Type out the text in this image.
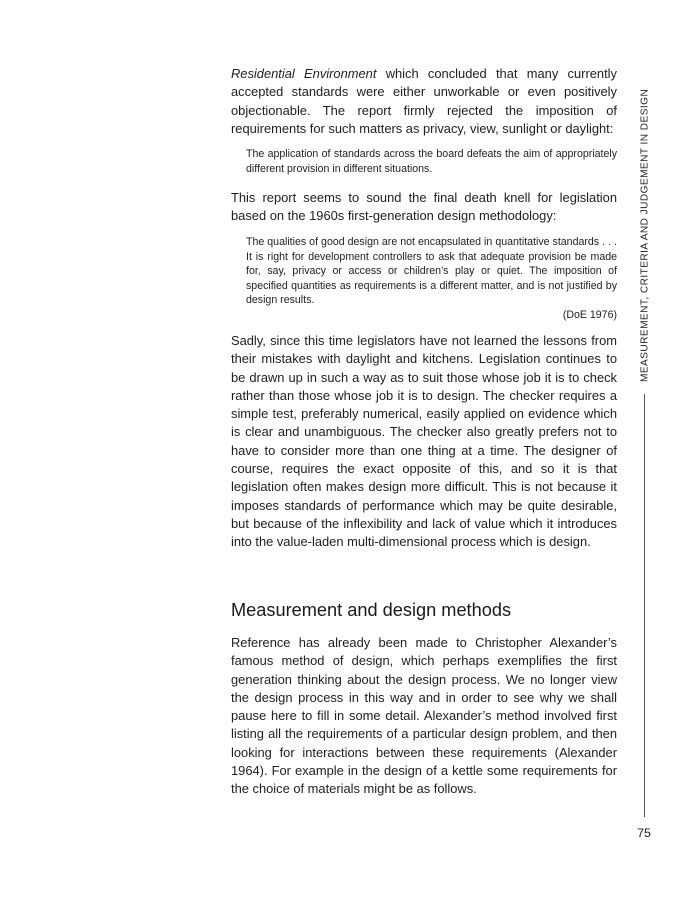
MEASUREMENT, CRITERIA AND JUDGEMENT IN DESIGN

Residential Environment which concluded that many currently accepted standards were either unworkable or even positively objectionable. The report firmly rejected the imposition of requirements for such matters as privacy, view, sunlight or daylight:

The application of standards across the board defeats the aim of appropriately different provision in different situations.

This report seems to sound the final death knell for legislation based on the 1960s first-generation design methodology:

The qualities of good design are not encapsulated in quantitative standards . . . It is right for development controllers to ask that adequate provision be made for, say, privacy or access or children’s play or quiet. The imposition of specified quantities as requirements is a different matter, and is not justified by design results.

(DoE 1976)

Sadly, since this time legislators have not learned the lessons from their mistakes with daylight and kitchens. Legislation continues to be drawn up in such a way as to suit those whose job it is to check rather than those whose job it is to design. The checker requires a simple test, preferably numerical, easily applied on evidence which is clear and unambiguous. The checker also greatly prefers not to have to consider more than one thing at a time. The designer of course, requires the exact opposite of this, and so it is that legislation often makes design more difficult. This is not because it imposes standards of performance which may be quite desirable, but because of the inflexibility and lack of value which it introduces into the value-laden multi-dimensional process which is design.

Measurement and design methods

Reference has already been made to Christopher Alexander’s famous method of design, which perhaps exemplifies the first generation thinking about the design process. We no longer view the design process in this way and in order to see why we shall pause here to fill in some detail. Alexander’s method involved first listing all the requirements of a particular design problem, and then looking for interactions between these requirements (Alexander 1964). For example in the design of a kettle some requirements for the choice of materials might be as follows.

75
